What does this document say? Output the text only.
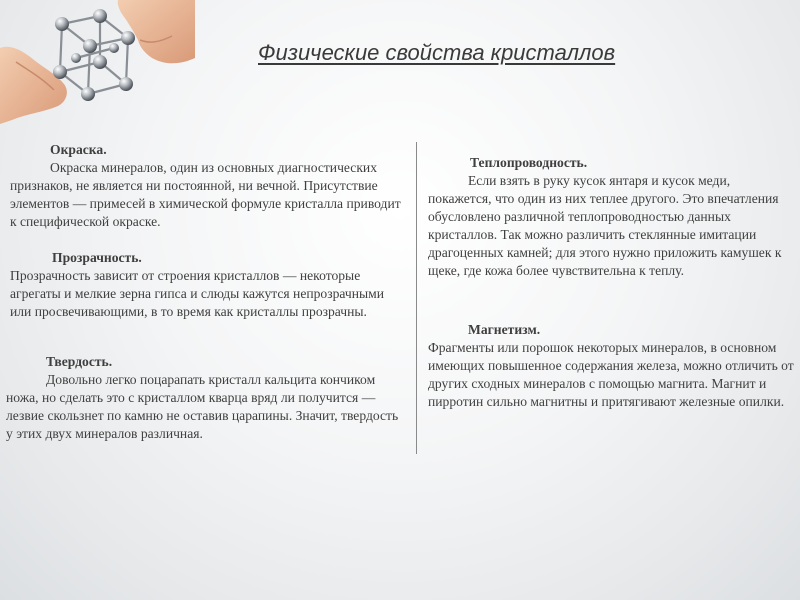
Физические свойства кристаллов
Окраска.

Окраска минералов, один из основных диагностических признаков, не является ни постоянной, ни вечной. Присутствие элементов — примесей в химической формуле кристалла приводит к специфической окраске.

Прозрачность.

Прозрачность зависит от строения кристаллов — некоторые агрегаты и мелкие зерна гипса и слюды кажутся непрозрачными или просвечивающими, в то время как кристаллы прозрачны.

Твердость.

Довольно легко поцарапать кристалл кальцита кончиком ножа, но сделать это с кристаллом кварца вряд ли получится — лезвие скользнет по камню не оставив царапины. Значит, твердость у этих двух минералов различная.

Теплопроводность.

Если взять в руку кусок янтаря и кусок меди, покажется, что один из них теплее другого. Это впечатления обусловлено различной теплопроводностью данных кристаллов. Так можно различить стеклянные имитации драгоценных камней; для этого нужно приложить камушек к щеке, где кожа более чувствительна к теплу.

Магнетизм.

Фрагменты или порошок некоторых минералов, в основном имеющих повышенное содержания железа, можно отличить от других сходных минералов с помощью магнита. Магнит и пирротин сильно магнитны и притягивают железные опилки.
